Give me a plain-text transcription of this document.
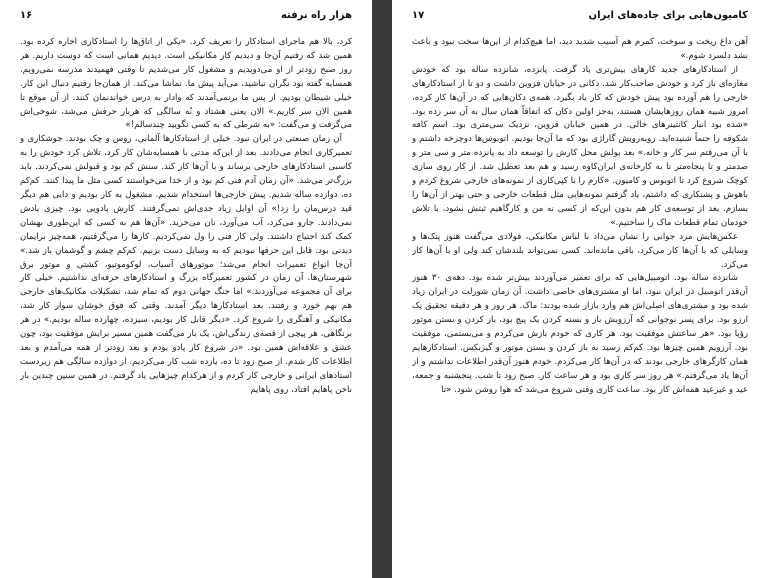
هزار راه نرفته
۱۶

کرد، بالا هم ماجرای استادکار را تعریف کرد. «یکی از اتاق‌ها را استادکاری اجاره کرده بود. همین شد که رفتیم آن‌جا و دیدیم کار مکانیکی است. دیدیم همانی است که دوست داریم. هر روز صبح زودتر از او می‌دویدیم و مشغول کار می‌شدیم تا وقتی فهمیدند مدرسه نمی‌رویم. همسایه گفته بود نگران نباشید، می‌آید پیش ما. تماشا می‌کند. از همان‌جا رفتیم دنبال این کار. خیلی شیطان بودیم. از پس ما برنمی‌آمدند که وادار به درس خواندنمان کنند. از آن موقع تا همین الان سر کاریم.» الان یعنی هشتاد و نُه سالگی که هربار حرفش می‌شد، شوخی‌اش می‌گرفت و می‌گفت: «به شرطی که به کسی نگویید چندسالم!»

آن زمان صنعتی در ایران نبود. خیلی از استادکارها آلمانی، روس و چک بودند. جوشکاری و تعمیرکاری انجام می‌دادند. بعد از این‌که مدتی با همسایه‌شان کار کرد، تلاش کرد خودش را به کاسبی استادکارهای خارجی برساند و با آن‌ها کار کند. سنش کم بود و قبولش نمی‌کردند. باید بزرگ‌تر می‌شد. «آن زمان آدم فنی کم بود و از خدا می‌خواستند کسی مثل ما پیدا کنند. کم‌کم ده، دوازده ساله شدیم. پیش خارجی‌ها استخدام شدیم. مشغول به کار بودیم و دایی هم دیگر قید درس‌مان را زد!» آن اوایل زیاد جدی‌اش نمی‌گرفتند. کارش پادویی بود. چیزی یادش نمی‌دادند. جارو می‌کرد، آب می‌آورد، نان می‌خرید. «آن‌ها هم به کسی که این‌طوری بهشان کمک کند احتیاج داشتند. ولی کار فنی را ول نمی‌کردیم. کارها را می‌گرفتیم، همه‌چیز برایمان دیدنی بود. قابل این حرفها نبودیم که به وسایل دست بزنیم. کم‌کم چشم و گوشمان باز شد.» آن‌جا انواع تعمیرات انجام می‌شد؛ موتورهای آسیاب، لوکوموتیو، کشتی و موتور برق شهرستان‌ها. آن زمان در کشور تعمیرگاه بزرگ و استادکارهای حرفه‌ای نداشتیم. خیلی کار برای آن مجموعه می‌آوردند.» اما جنگ جهانی دوم که تمام شد، تشکیلات مکانیک‌های خارجی هم بهم خورد و رفتند. بعد استادکارها دیگر آمدند. وقتی که فوق خوشان سوار کار شد، مکانیکی و آهنگری را شروع کرد. «دیگر قابل کار بودیم، سیزده، چهارده ساله بودیم.» در هر برنگاهی، هر پیچی از قصه‌ی زندگی‌اش، یک بار می‌گفت همین مسیر برایش موفقیت بود، چون عشق و علاقه‌اش همین بود. «در شروع کار پادو بودم و بعد زودتر از همه می‌آمدم و بعد اطلاعات کار شدم. از صبح زود تا ده، یازده شب کار می‌کردیم. از دوازده سالگی هم زیردست استادهای ایرانی و خارجی کار کردم و از هرکدام چیزهایی یاد گرفتم. در همین سنین چندین بار ناخن پاهایم افتاد، روی پاهایم

کامیون‌هایی برای جاده‌های ایران
۱۷

آهن داغ ریخت و سوخت، کمرم هم آسیب شدید دید، اما هیچ‌کدام از این‌ها سخت نبود و باعث نشد دلسرد شوم.»

از استادکارهای جدید کارهای بیش‌تری یاد گرفت. پانزده، شانزده ساله بود که خودش مغازه‌ای باز کرد و خودش صاحب‌کار شد. دکانی در خیابان فزوین داشت و دو تا از استادکارهای خارجی را هم آورده بود پیش خودش که کار یاد بگیرد. همه‌ی دکان‌هایی که در آن‌ها کار کرده، امروز شبیه همان روزهایشان هستند، به‌جز اولین دکان که اتفاقاً همان سال به آن سر زده بود. «شده بود انبار کانتینرهای خالی. در همین خیابان قزوین، نزدیک سی‌متری بود. اسم کافه شکوفه را حتماً شنیده‌اید. روبه‌رویش گاراژی بود که ما آن‌جا بودیم. اتوبوس‌ها دوچرخه داشتم و با آن می‌رفتم سر کار و خانه.» بعد پولش محل کارش را توسعه داد به پانزده متر و سی متر و صدمتر و تا پنجاه‌متر تا به کارخانه‌ی ایران‌کاوه رسید و هم بعد تعطیل شد. از کار روی سازی کوچک شروع کرد تا اتوبوس و کامیون. «کارم را با کپی‌کاری از نمونه‌های خارجی شروع کردم و باهوش و پشتکاری که داشتم، یاد گرفتم نمونه‌هایی مثل قطعات خارجی و حتی بهتر از آن‌ها را بسازم. بعد از توسعه‌ی کار هم بدون این‌که از کسی نه من و کارگاهیم ثبتش نشود، با تلاش خودمان تمام قطعات ماک را ساختیم.»

عکس‌هایش مرد جوانی را نشان می‌داد با لباس مکانیکی، فولادی می‌گفت هنوز پتک‌ها و وسایلی که با آن‌ها کار می‌کرد، باقی مانده‌اند. کسی نمی‌تواند بلندشان کند ولی او با آن‌ها کار می‌کرد.

شانزده ساله بود. اتومبیل‌هایی که برای تعمیر می‌آوردند بیش‌تر شده بود. دهه‌ی ۳۰ هنوز آن‌قدر اتومبیل در ایران نبود، اما او مشتری‌های خاصی داشت. آن زمان شورلت در ایران زیاد شده بود و مشتری‌های اصلی‌اش هم وارد بازار شده بودند: ماک. هر روز و هر دقیقه تحقیق یک ارزو بود. برای پسر نوجوانی که آرزویش باز و بسته کردن یک پیچ بود، باز کردن و بستن موتور رؤیا بود. «هر ساعتش موفقیت بود. هر کاری که خودم بازش می‌کردم و می‌بستمی، موفقیت بود. آرزویم همین چیزها بود. کم‌کم رسید به باز کردن و بستن موتور و گیربکس. استادکارهایم همان کارگرهای خارجی بودند که در آن‌ها کار می‌کردم. خودم هنوز آن‌قدر اطلاعات نداشتم و از آن‌ها یاد می‌گرفتم.» هر روز سر کاری بود و هر ساعت کار. صبح زود تا شب. پنجشنبه و جمعه، عید و غیرعید همه‌اش کار بود. ساعت کاری وقتی شروع می‌شد که هوا روشن شود. «تا
